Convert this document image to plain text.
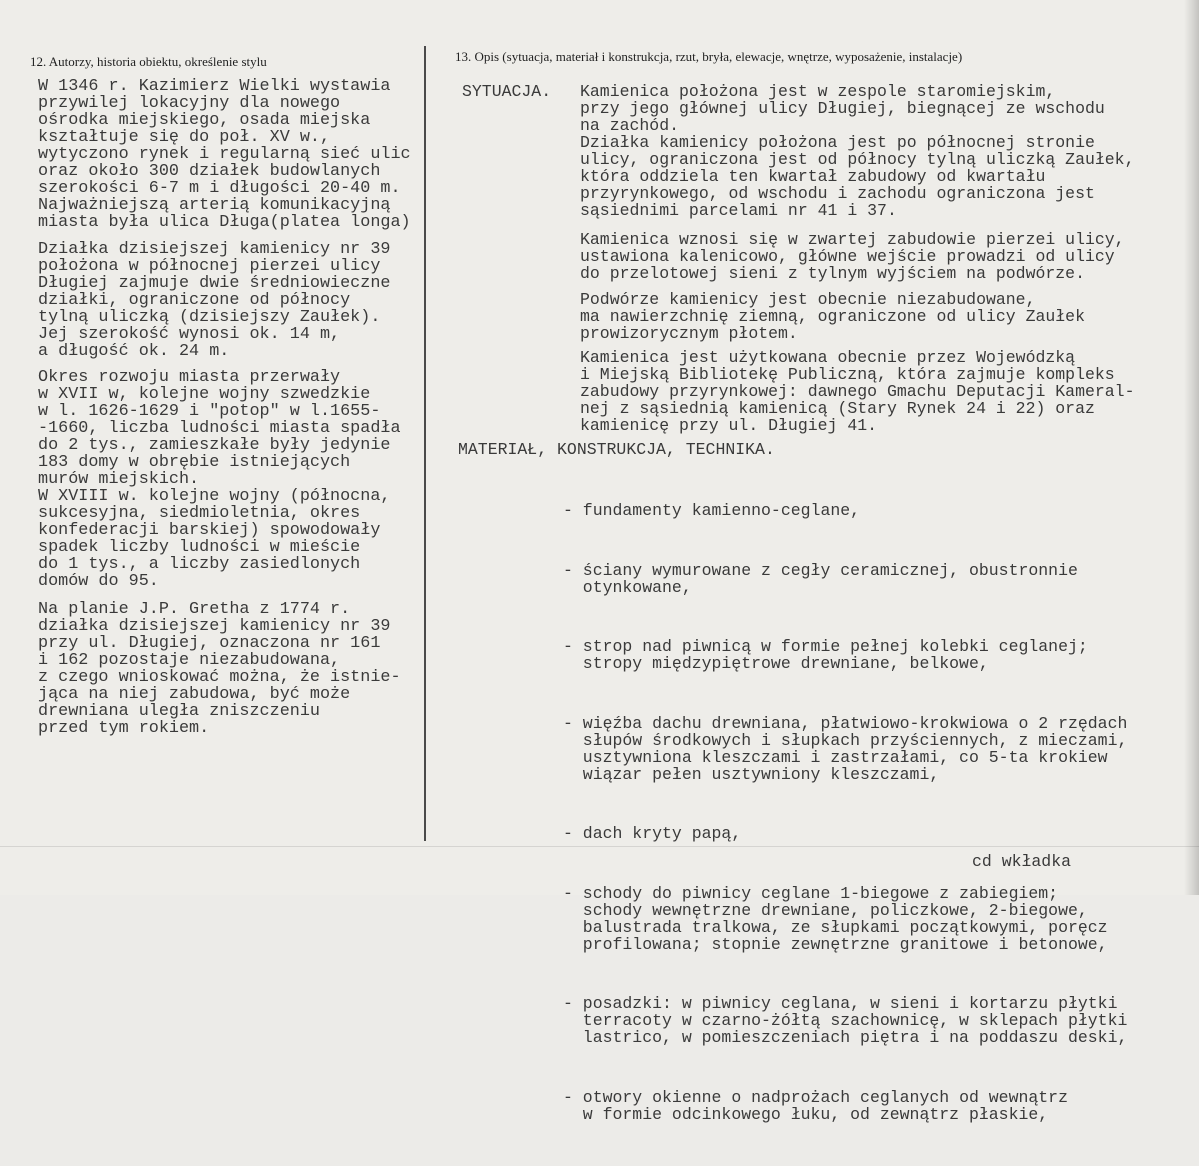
12. Autorzy, historia obiektu, określenie stylu
W 1346 r. Kazimierz Wielki wystawia
przywilej lokacyjny dla nowego
ośrodka miejskiego, osada miejska
kształtuje się do poł. XV w.,
wytyczono rynek i regularną sieć ulic
oraz około 300 działek budowlanych
szerokości 6-7 m i długości 20-40 m.
Najważniejszą arterią komunikacyjną
miasta była ulica Długa(platea longa)
Działka dzisiejszej kamienicy nr 39
położona w północnej pierzei ulicy
Długiej zajmuje dwie średniowieczne
działki, ograniczone od północy
tylną uliczką (dzisiejszy Zaułek).
Jej szerokość wynosi ok. 14 m,
a długość ok. 24 m.
Okres rozwoju miasta przerwały
w XVII w, kolejne wojny szwedzkie
w l. 1626-1629 i "potop" w l.1655-
-1660, liczba ludności miasta spadła
do 2 tys., zamieszkałe były jedynie
183 domy w obrębie istniejących
murów miejskich.
W XVIII w. kolejne wojny (północna,
sukcesyjna, siedmioletnia, okres
konfederacji barskiej) spowodowały
spadek liczby ludności w mieście
do 1 tys., a liczby zasiedlonych
domów do 95.
Na planie J.P. Gretha z 1774 r.
działka dzisiejszej kamienicy nr 39
przy ul. Długiej, oznaczona nr 161
i 162 pozostaje niezabudowana,
z czego wnioskować można, że istnie-
jąca na niej zabudowa, być może
drewniana uległa zniszczeniu
przed tym rokiem.
13. Opis (sytuacja, materiał i konstrukcja, rzut, bryła, elewacje, wnętrze, wyposażenie, instalacje)
SYTUACJA. Kamienica położona jest w zespole staromiejskim,
przy jego głównej ulicy Długiej, biegnącej ze wschodu
na zachód.
Działka kamienicy położona jest po północnej stronie
ulicy, ograniczona jest od północy tylną uliczką Zaułek,
która oddziela ten kwartał zabudowy od kwartału
przyrynkowego, od wschodu i zachodu ograniczona jest
sąsiednimi parcelami nr 41 i 37.
Kamienica wznosi się w zwartej zabudowie pierzei ulicy,
ustawiona kalenicowo, główne wejście prowadzi od ulicy
do przelotowej sieni z tylnym wyjściem na podwórze.
Podwórze kamienicy jest obecnie niezabudowane,
ma nawierzchnię ziemną, ograniczone od ulicy Zaułek
prowizorycznym płotem.
Kamienica jest użytkowana obecnie przez Wojewódzką
i Miejską Bibliotekę Publiczną, która zajmuje kompleks
zabudowy przyrynkowej: dawnego Gmachu Deputacji Kameral-
nej z sąsiednią kamienicą (Stary Rynek 24 i 22) oraz
kamienicę przy ul. Długiej 41.
MATERIAŁ, KONSTRUKCJA, TECHNIKA.

- fundamenty kamienno-ceglane,

- ściany wymurowane z cegły ceramicznej, obustronnie
otynkowane,

- strop nad piwnicą w formie pełnej kolebki ceglanej;
stropy międzypiętrowe drewniane, belkowe,

- więźba dachu drewniana, płatwiowo-krokwiowa o 2 rzędach
słupów środkowych i słupkach przyściennych, z mieczami,
usztywniona kleszczami i zastrzałami, co 5-ta krokiew
wiązar pełen usztywniony kleszczami,

- dach kryty papą,

- schody do piwnicy ceglane 1-biegowe z zabiegiem;
schody wewnętrzne drewniane, policzkowe, 2-biegowe,
balustrada tralkowa, ze słupkami początkowymi, poręcz
profilowana; stopnie zewnętrzne granitowe i betonowe,

- posadzki: w piwnicy ceglana, w sieni i kortarzu płytki
terracoty w czarno-żółtą szachownicę, w sklepach płytki
lastrico, w pomieszczeniach piętra i na poddaszu deski,

- otwory okienne o nadprożach ceglanych od wewnątrz
w formie odcinkowego łuku, od zewnątrz płaskie,

cd wkładka
